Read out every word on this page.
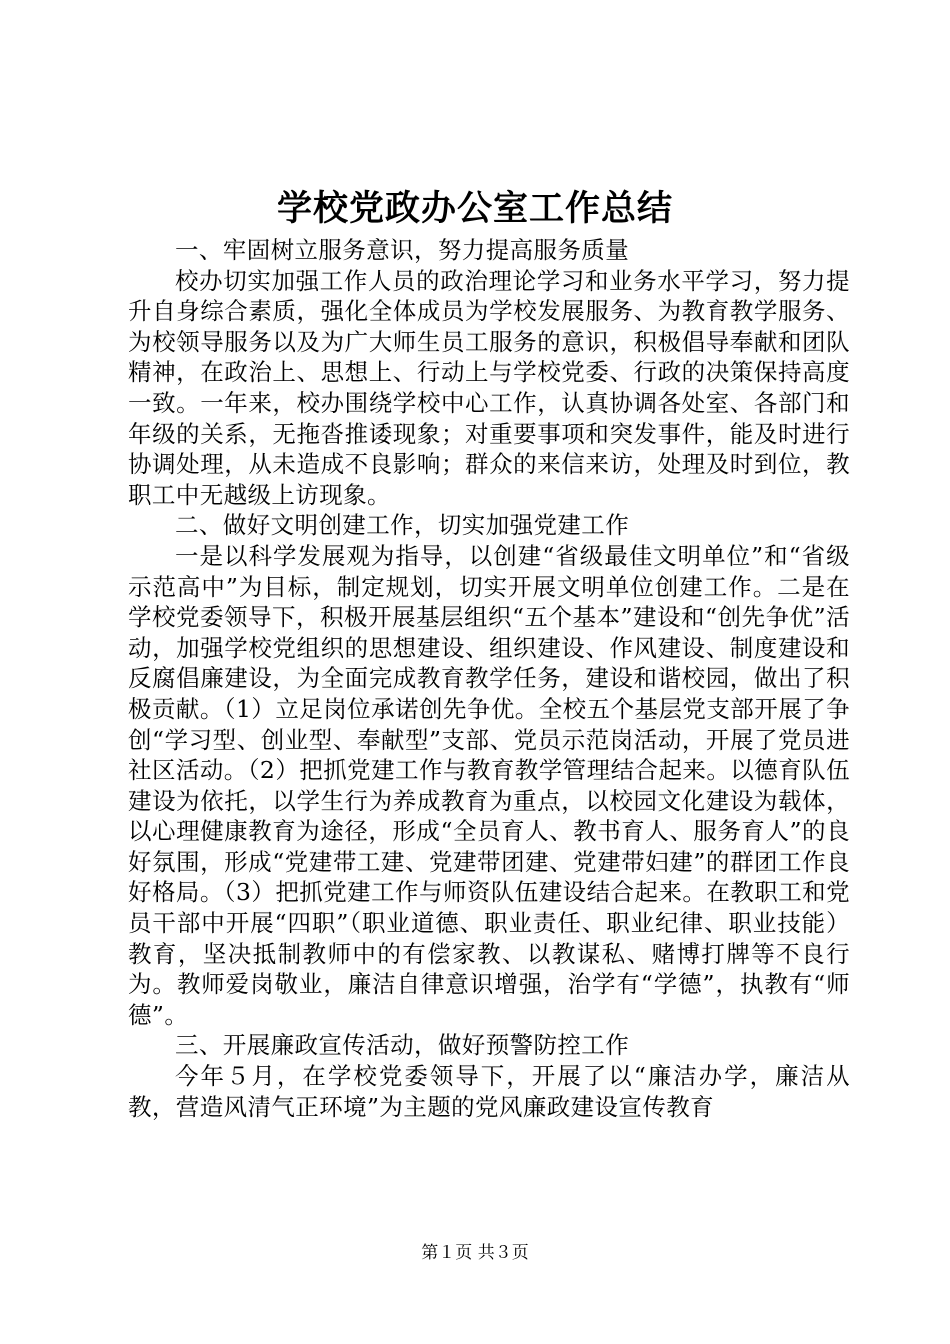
学校党政办公室工作总结

一、牢固树立服务意识，努力提高服务质量

校办切实加强工作人员的政治理论学习和业务水平学习，努力提升自身综合素质，强化全体成员为学校发展服务、为教育教学服务、为校领导服务以及为广大师生员工服务的意识，积极倡导奉献和团队精神，在政治上、思想上、行动上与学校党委、行政的决策保持高度一致。一年来，校办围绕学校中心工作，认真协调各处室、各部门和年级的关系，无拖沓推诿现象；对重要事项和突发事件，能及时进行协调处理，从未造成不良影响；群众的来信来访，处理及时到位，教职工中无越级上访现象。

二、做好文明创建工作，切实加强党建工作

一是以科学发展观为指导，以创建“省级最佳文明单位”和“省级示范高中”为目标，制定规划，切实开展文明单位创建工作。二是在学校党委领导下，积极开展基层组织“五个基本”建设和“创先争优”活动，加强学校党组织的思想建设、组织建设、作风建设、制度建设和反腐倡廉建设，为全面完成教育教学任务，建设和谐校园，做出了积极贡献。（1）立足岗位承诺创先争优。全校五个基层党支部开展了争创“学习型、创业型、奉献型”支部、党员示范岗活动，开展了党员进社区活动。（2）把抓党建工作与教育教学管理结合起来。以德育队伍建设为依托，以学生行为养成教育为重点，以校园文化建设为载体，以心理健康教育为途径，形成“全员育人、教书育人、服务育人”的良好氛围，形成“党建带工建、党建带团建、党建带妇建”的群团工作良好格局。（3）把抓党建工作与师资队伍建设结合起来。在教职工和党员干部中开展“四职”（职业道德、职业责任、职业纪律、职业技能）教育，坚决抵制教师中的有偿家教、以教谋私、赌博打牌等不良行为。教师爱岗敬业，廉洁自律意识增强，治学有“学德”，执教有“师德”。

三、开展廉政宣传活动，做好预警防控工作

今年５月，在学校党委领导下，开展了以“廉洁办学，廉洁从教，营造风清气正环境”为主题的党风廉政建设宣传教育

第１页 共３页
